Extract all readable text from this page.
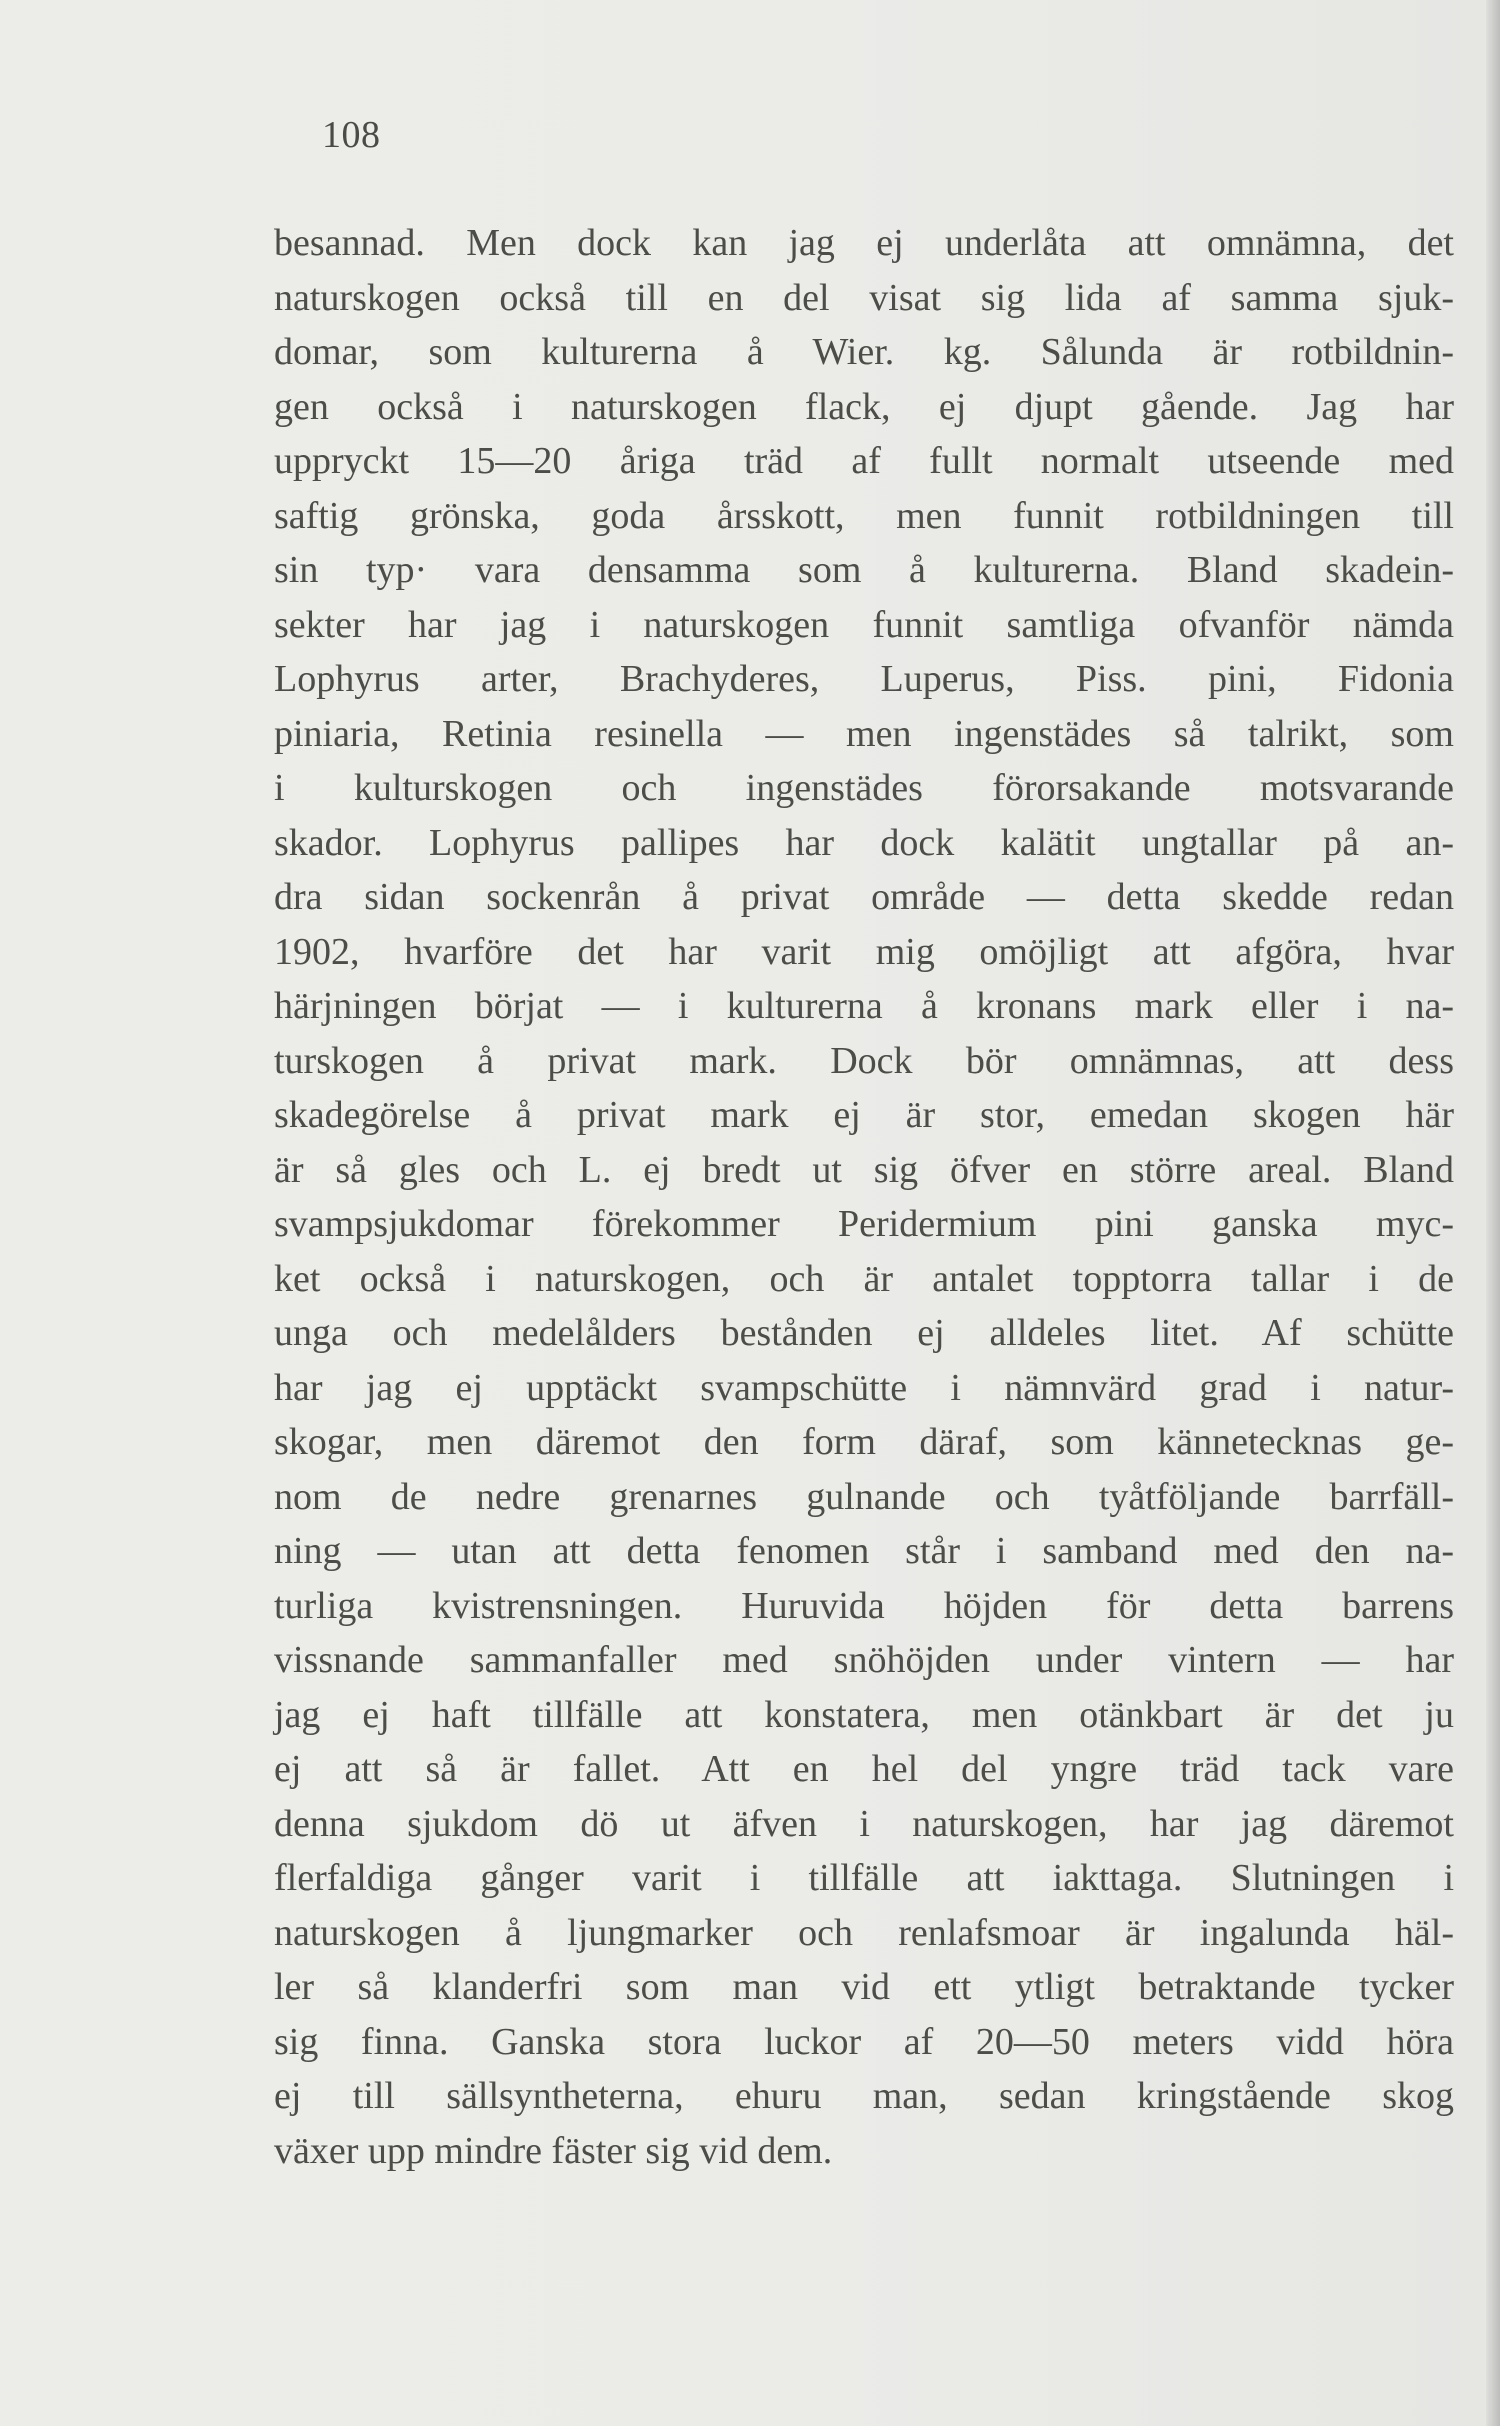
108
besannad. Men dock kan jag ej underlåta att omnämna, det
naturskogen också till en del visat sig lida af samma sjuk-
domar, som kulturerna å Wier. kg. Sålunda är rotbildnin-
gen också i naturskogen flack, ej djupt gående. Jag har
uppryckt 15—20 åriga träd af fullt normalt utseende med
saftig grönska, goda årsskott, men funnit rotbildningen till
sin typ· vara densamma som å kulturerna. Bland skadein-
sekter har jag i naturskogen funnit samtliga ofvanför nämda
Lophyrus arter, Brachyderes, Luperus, Piss. pini, Fidonia
piniaria, Retinia resinella — men ingenstädes så talrikt, som
i kulturskogen och ingenstädes förorsakande motsvarande
skador. Lophyrus pallipes har dock kalätit ungtallar på an-
dra sidan sockenrån å privat område — detta skedde redan
1902, hvarföre det har varit mig omöjligt att afgöra, hvar
härjningen börjat — i kulturerna å kronans mark eller i na-
turskogen å privat mark. Dock bör omnämnas, att dess
skadegörelse å privat mark ej är stor, emedan skogen här
är så gles och L. ej bredt ut sig öfver en större areal. Bland
svampsjukdomar förekommer Peridermium pini ganska myc-
ket också i naturskogen, och är antalet topptorra tallar i de
unga och medelålders bestånden ej alldeles litet. Af schütte
har jag ej upptäckt svampschütte i nämnvärd grad i natur-
skogar, men däremot den form däraf, som kännetecknas ge-
nom de nedre grenarnes gulnande och tyåtföljande barrfäll-
ning — utan att detta fenomen står i samband med den na-
turliga kvistrensningen. Huruvida höjden för detta barrens
vissnande sammanfaller med snöhöjden under vintern — har
jag ej haft tillfälle att konstatera, men otänkbart är det ju
ej att så är fallet. Att en hel del yngre träd tack vare
denna sjukdom dö ut äfven i naturskogen, har jag däremot
flerfaldiga gånger varit i tillfälle att iakttaga. Slutningen i
naturskogen å ljungmarker och renlafsmoar är ingalunda häl-
ler så klanderfri som man vid ett ytligt betraktande tycker
sig finna. Ganska stora luckor af 20—50 meters vidd höra
ej till sällsyntheterna, ehuru man, sedan kringstående skog
växer upp mindre fäster sig vid dem.
